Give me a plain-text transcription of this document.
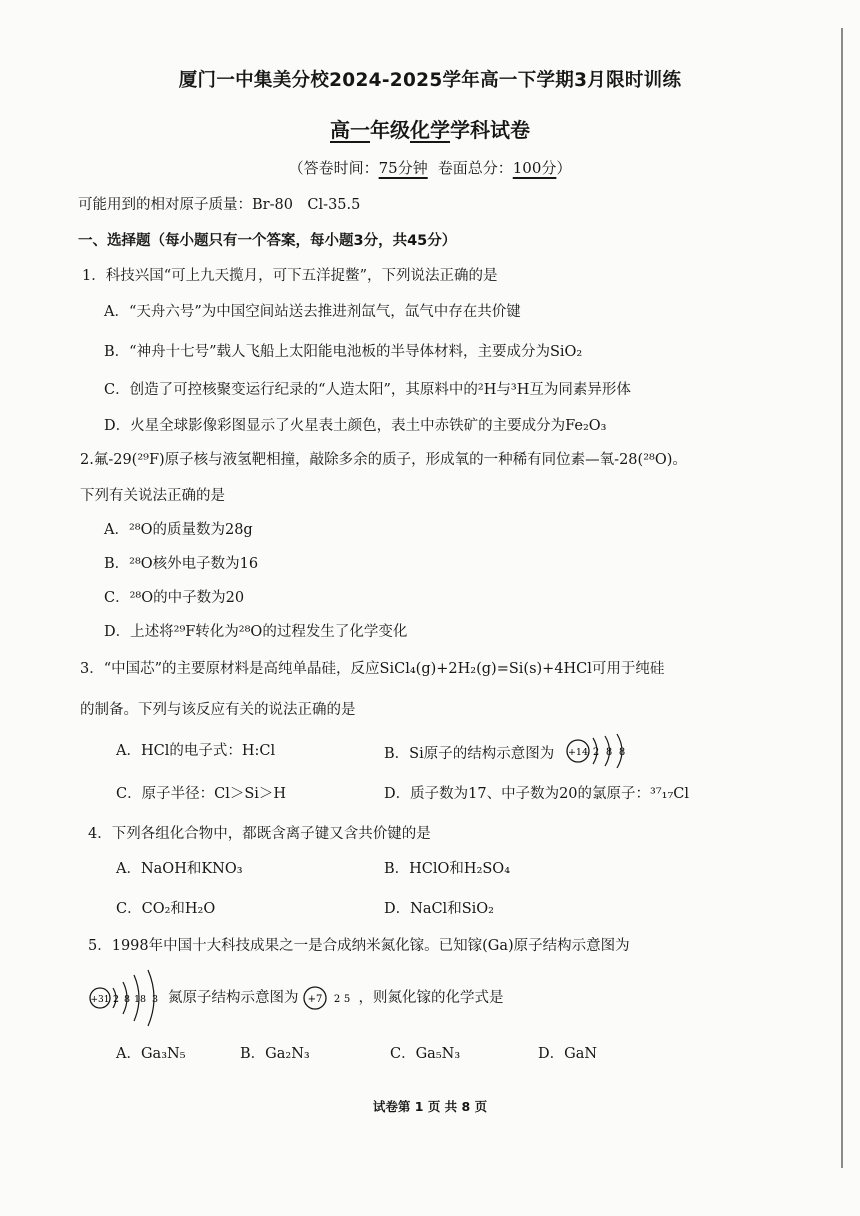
厦门一中集美分校2024-2025学年高一下学期3月限时训练
高一年级化学学科试卷
（答卷时间：75分钟 卷面总分：100分）
可能用到的相对原子质量：Br-80　Cl-35.5
一、选择题（每小题只有一个答案，每小题3分，共45分）
1．科技兴国“可上九天揽月，可下五洋捉鳖”，下列说法正确的是
A．“天舟六号”为中国空间站送去推进剂氙气，氙气中存在共价键
B．“神舟十七号”载人飞船上太阳能电池板的半导体材料，主要成分为SiO₂
C．创造了可控核聚变运行纪录的“人造太阳”，其原料中的²H与³H互为同素异形体
D．火星全球影像彩图显示了火星表土颜色，表土中赤铁矿的主要成分为Fe₂O₃
2.氟-29(²⁹F)原子核与液氢靶相撞，敲除多余的质子，形成氧的一种稀有同位素—氧-28(²⁸O)。
下列有关说法正确的是
A．²⁸O的质量数为28g
B．²⁸O核外电子数为16
C．²⁸O的中子数为20
D．上述将²⁹F转化为²⁸O的过程发生了化学变化
3．“中国芯”的主要原材料是高纯单晶硅，反应SiCl₄(g)+2H₂(g)=Si(s)+4HCl可用于纯硅
的制备。下列与该反应有关的说法正确的是
A．HCl的电子式：H:Cl	B．Si原子的结构示意图为 +14 2 8 8
C．原子半径：Cl＞Si＞H	D．质子数为17、中子数为20的氯原子：³⁷₁₇Cl
4．下列各组化合物中，都既含离子键又含共价键的是
A．NaOH和KNO₃	B．HClO和H₂SO₄
C．CO₂和H₂O	D．NaCl和SiO₂
5．1998年中国十大科技成果之一是合成纳米氮化镓。已知镓(Ga)原子结构示意图为
+31 2 8 18 3 氮原子结构示意图为 +7 2 5 ，则氮化镓的化学式是
A．Ga₃N₅	B．Ga₂N₃	C．Ga₅N₃	D．GaN
试卷第 1 页 共 8 页
